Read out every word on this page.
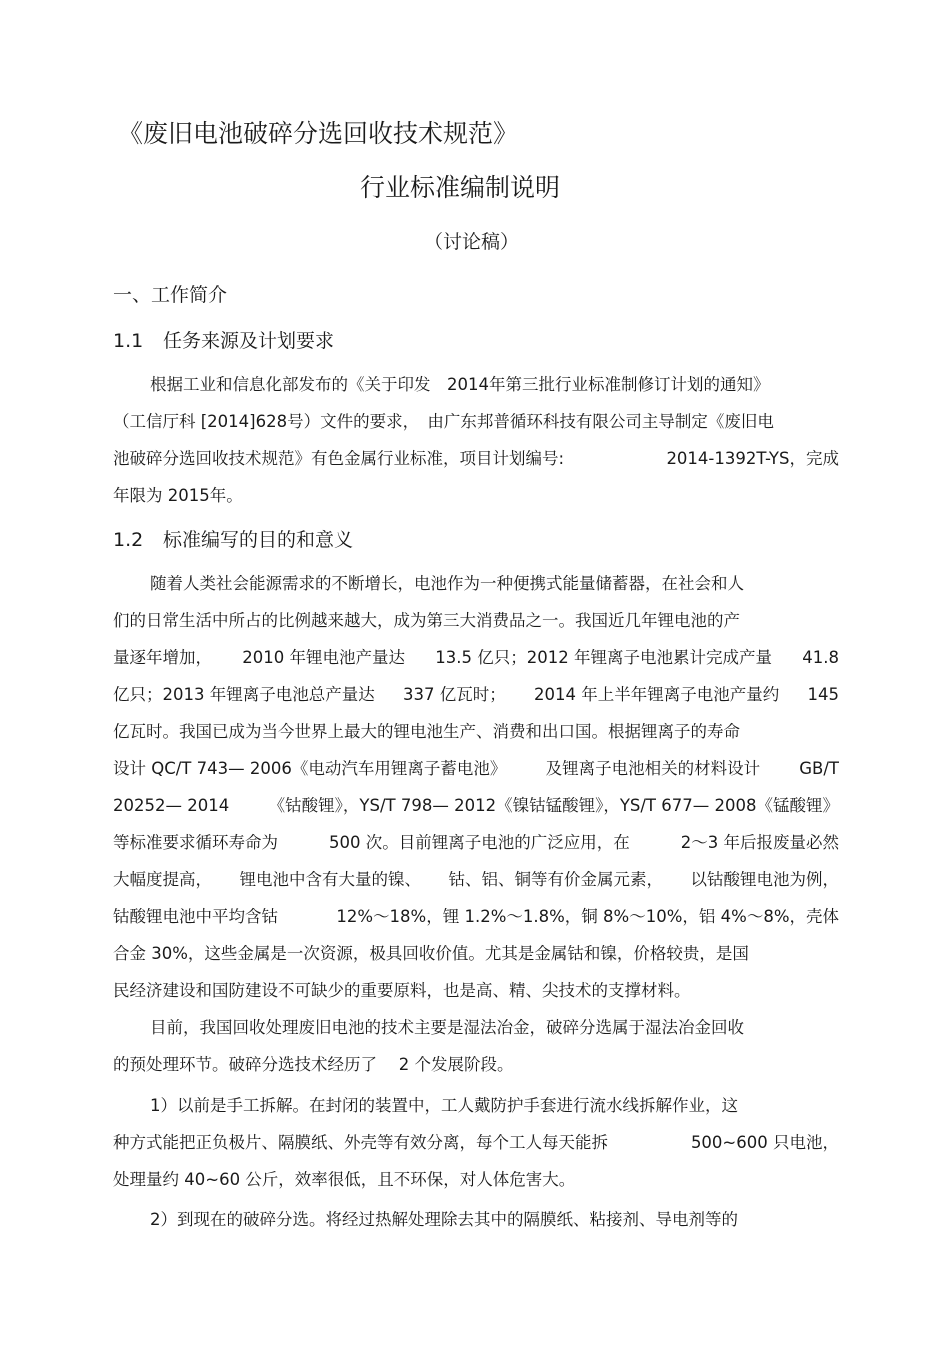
《废旧电池破碎分选回收技术规范》
行业标准编制说明
（讨论稿）
一、工作简介
1.1 任务来源及计划要求
根据工业和信息化部发布的《关于印发　2014年第三批行业标准制修订计划的通知》
（工信厅科 [2014]628号）文件的要求，　由广东邦普循环科技有限公司主导制定《废旧电
池破碎分选回收技术规范》有色金属行业标准，项目计划编号:	2014-1392T-YS，完成
年限为 2015年。
1.2 标准编写的目的和意义
随着人类社会能源需求的不断增长，电池作为一种便携式能量储蓄器，在社会和人
们的日常生活中所占的比例越来越大，成为第三大消费品之一。我国近几年锂电池的产
量逐年增加， 2010 年锂电池产量达 13.5 亿只；2012 年锂离子电池累计完成产量 41.8
亿只；2013 年锂离子电池总产量达 337 亿瓦时； 2014 年上半年锂离子电池产量约 145
亿瓦时。我国已成为当今世界上最大的锂电池生产、消费和出口国。根据锂离子的寿命
设计 QC/T 743— 2006《电动汽车用锂离子蓄电池》 及锂离子电池相关的材料设计 GB/T
20252— 2014 《钴酸锂》，YS/T 798— 2012《镍钴锰酸锂》，YS/T 677— 2008《锰酸锂》
等标准要求循环寿命为	500 次。目前锂离子电池的广泛应用，在	2～3 年后报废量必然
大幅度提高， 锂电池中含有大量的镍、 钴、铝、铜等有价金属元素， 以钴酸锂电池为例，
钴酸锂电池中平均含钴	12%～18%，锂 1.2%～1.8%，铜 8%～10%，铝 4%～8%，壳体
合金 30%，这些金属是一次资源，极具回收价值。尤其是金属钴和镍，价格较贵，是国
民经济建设和国防建设不可缺少的重要原料，也是高、精、尖技术的支撑材料。
目前，我国回收处理废旧电池的技术主要是湿法冶金，破碎分选属于湿法冶金回收
的预处理环节。破碎分选技术经历了　 2 个发展阶段。
1）以前是手工拆解。在封闭的装置中，工人戴防护手套进行流水线拆解作业，这
种方式能把正负极片、隔膜纸、外壳等有效分离，每个工人每天能拆	500~600 只电池，
处理量约 40~60 公斤，效率很低，且不环保，对人体危害大。
2）到现在的破碎分选。将经过热解处理除去其中的隔膜纸、粘接剂、导电剂等的
